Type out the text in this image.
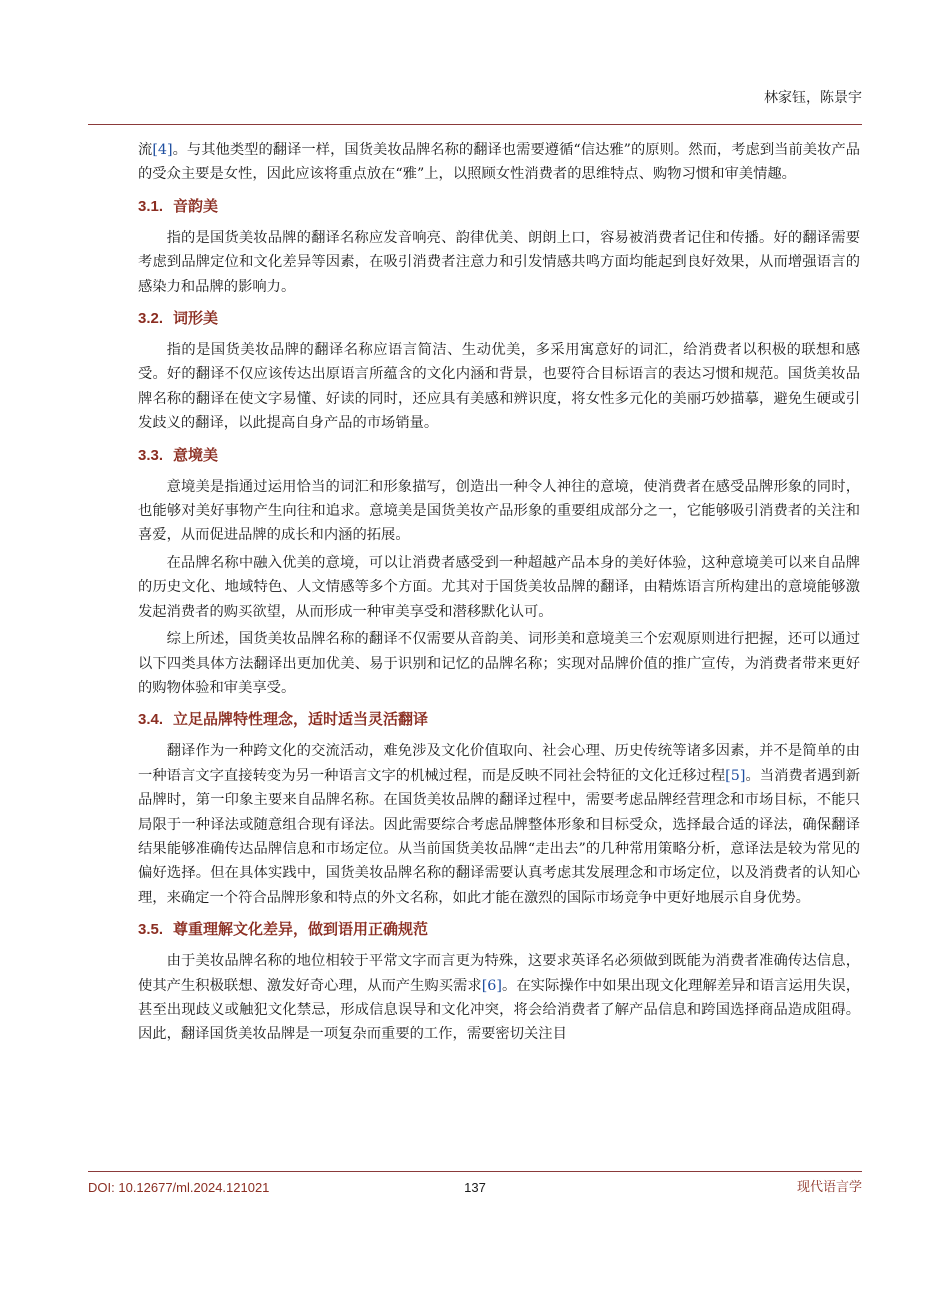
林家钰，陈景宇

流[4]。与其他类型的翻译一样，国货美妆品牌名称的翻译也需要遵循“信达雅”的原则。然而，考虑到当前美妆产品的受众主要是女性，因此应该将重点放在“雅”上，以照顾女性消费者的思维特点、购物习惯和审美情趣。

3.1. 音韵美

指的是国货美妆品牌的翻译名称应发音响亮、韵律优美、朗朗上口，容易被消费者记住和传播。好的翻译需要考虑到品牌定位和文化差异等因素，在吸引消费者注意力和引发情感共鸣方面均能起到良好效果，从而增强语言的感染力和品牌的影响力。

3.2. 词形美

指的是国货美妆品牌的翻译名称应语言简洁、生动优美，多采用寓意好的词汇，给消费者以积极的联想和感受。好的翻译不仅应该传达出原语言所蕴含的文化内涵和背景，也要符合目标语言的表达习惯和规范。国货美妆品牌名称的翻译在使文字易懂、好读的同时，还应具有美感和辨识度，将女性多元化的美丽巧妙描摹，避免生硬或引发歧义的翻译，以此提高自身产品的市场销量。

3.3. 意境美

意境美是指通过运用恰当的词汇和形象描写，创造出一种令人神往的意境，使消费者在感受品牌形象的同时，也能够对美好事物产生向往和追求。意境美是国货美妆产品形象的重要组成部分之一，它能够吸引消费者的关注和喜爱，从而促进品牌的成长和内涵的拓展。

在品牌名称中融入优美的意境，可以让消费者感受到一种超越产品本身的美好体验，这种意境美可以来自品牌的历史文化、地域特色、人文情感等多个方面。尤其对于国货美妆品牌的翻译，由精炼语言所构建出的意境能够激发起消费者的购买欲望，从而形成一种审美享受和潜移默化认可。

综上所述，国货美妆品牌名称的翻译不仅需要从音韵美、词形美和意境美三个宏观原则进行把握，还可以通过以下四类具体方法翻译出更加优美、易于识别和记忆的品牌名称；实现对品牌价值的推广宣传，为消费者带来更好的购物体验和审美享受。

3.4. 立足品牌特性理念，适时适当灵活翻译

翻译作为一种跨文化的交流活动，难免涉及文化价值取向、社会心理、历史传统等诸多因素，并不是简单的由一种语言文字直接转变为另一种语言文字的机械过程，而是反映不同社会特征的文化迁移过程[5]。当消费者遇到新品牌时，第一印象主要来自品牌名称。在国货美妆品牌的翻译过程中，需要考虑品牌经营理念和市场目标，不能只局限于一种译法或随意组合现有译法。因此需要综合考虑品牌整体形象和目标受众，选择最合适的译法，确保翻译结果能够准确传达品牌信息和市场定位。从当前国货美妆品牌“走出去”的几种常用策略分析，意译法是较为常见的偏好选择。但在具体实践中，国货美妆品牌名称的翻译需要认真考虑其发展理念和市场定位，以及消费者的认知心理，来确定一个符合品牌形象和特点的外文名称，如此才能在激烈的国际市场竞争中更好地展示自身优势。

3.5. 尊重理解文化差异，做到语用正确规范

由于美妆品牌名称的地位相较于平常文字而言更为特殊，这要求英译名必须做到既能为消费者准确传达信息，使其产生积极联想、激发好奇心理，从而产生购买需求[6]。在实际操作中如果出现文化理解差异和语言运用失误，甚至出现歧义或触犯文化禁忌，形成信息误导和文化冲突，将会给消费者了解产品信息和跨国选择商品造成阻碍。因此，翻译国货美妆品牌是一项复杂而重要的工作，需要密切关注目

DOI: 10.12677/ml.2024.121021	137	现代语言学
